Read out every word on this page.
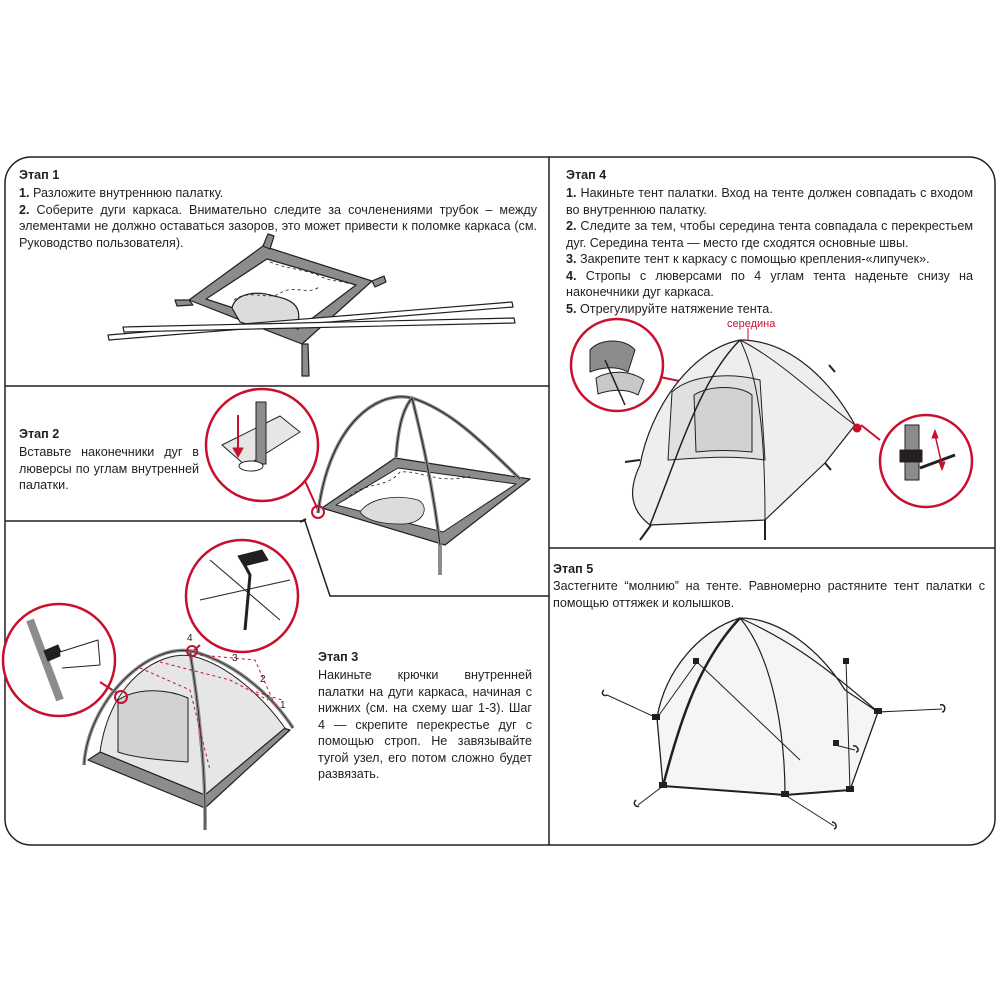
4
3
2
1
середина
Этап 1

1. Разложите внутреннюю палатку.

2. Соберите дуги каркаса. Внимательно следите за сочленениями трубок – между элементами не должно оставаться зазоров, это может привести к поломке каркаса (см. Руководство пользователя).

Этап 2

Вставьте наконечники дуг в люверсы по углам внутренней палатки.

Этап 3

Накиньте крючки внутренней палатки на дуги каркаса, начиная с нижних (см. на схему шаг 1-3). Шаг 4 — скрепите перекрестье дуг с помощью строп. Не завязывайте тугой узел, его потом сложно будет развязать.

Этап 4

1. Накиньте тент палатки. Вход на тенте должен совпадать с входом во внутреннюю палатку.

2. Следите за тем, чтобы середина тента совпадала с перекрестьем дуг. Середина тента — место где сходятся основные швы.

3. Закрепите тент к каркасу с помощью крепления-«липучек».

4. Стропы с люверсами по 4 углам тента наденьте снизу на наконечники дуг каркаса.

5. Отрегулируйте натяжение тента.

Этап 5

Застегните “молнию” на тенте. Равномерно растяните тент палатки с помощью оттяжек и колышков.
